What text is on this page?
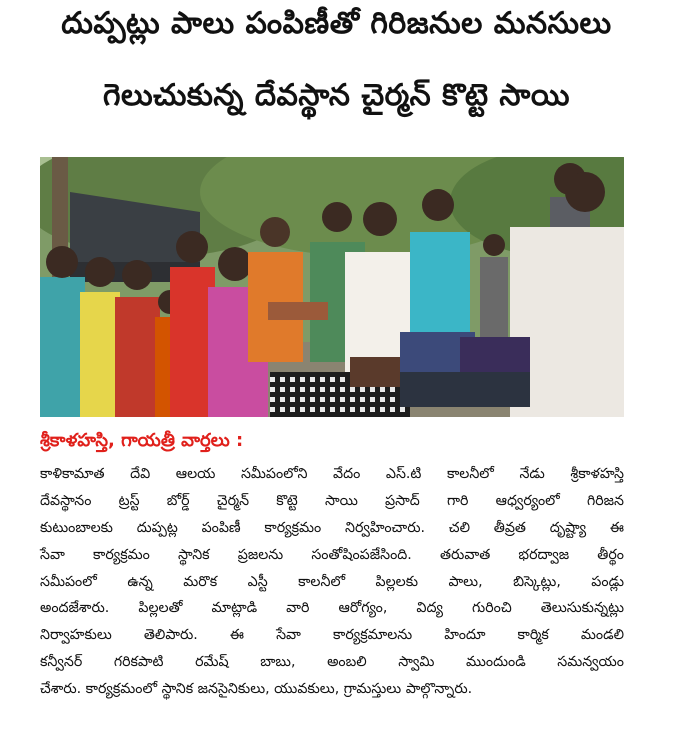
దుప్పట్లు పాలు పంపిణీతో గిరిజనుల మనసులు
గెలుచుకున్న దేవస్థాన చైర్మన్ కొట్టె సాయి
శ్రీకాళహస్తి, గాయత్రీ వార్తలు :
కాళికామాత దేవి ఆలయ సమీపంలోని వేదం ఎస్.టి కాలనీలో నేడు శ్రీకాళహస్తి
దేవస్థానం ట్రస్ట్ బోర్డ్ చైర్మన్ కొట్టె సాయి ప్రసాద్ గారి ఆధ్వర్యంలో గిరిజన
కుటుంబాలకు దుప్పట్ల పంపిణీ కార్యక్రమం నిర్వహించారు. చలి తీవ్రత దృష్ట్యా ఈ
సేవా కార్యక్రమం స్థానిక ప్రజలను సంతోషింపజేసింది. తరువాత భరద్వాజ తీర్థం
సమీపంలో ఉన్న మరొక ఎస్టీ కాలనీలో పిల్లలకు పాలు, బిస్కెట్లు, పండ్లు
అందజేశారు. పిల్లలతో మాట్లాడి వారి ఆరోగ్యం, విద్య గురించి తెలుసుకున్నట్లు
నిర్వాహకులు తెలిపారు. ఈ సేవా కార్యక్రమాలను హిందూ కార్మిక మండలి
కన్వీనర్ గరికపాటి రమేష్ బాబు, అంబలి స్వామి ముందుండి సమన్వయం
చేశారు. కార్యక్రమంలో స్థానిక జనసైనికులు, యువకులు, గ్రామస్తులు పాల్గొన్నారు.
